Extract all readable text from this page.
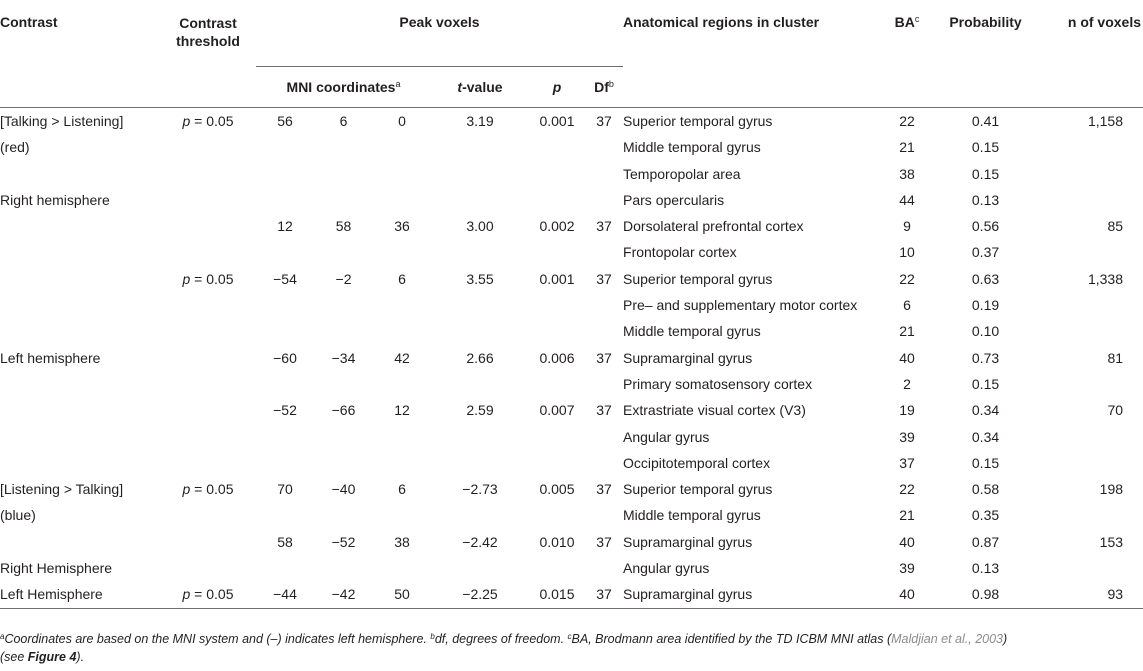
Contrast	Contrast
threshold	Peak voxels						Anatomical regions in cluster	$BA^c$	Probability	n of voxels
		MNI coordinates$^a$			t-value	p	Df$^b$				
[Talking > Listening]	p = 0.05	56	6	0	3.19	0.001	37	Superior temporal gyrus	22	0.41	1,158
(red)								Middle temporal gyrus	21	0.15	
								Temporopolar area	38	0.15	
Right hemisphere								Pars opercularis	44	0.13	
		12	58	36	3.00	0.002	37	Dorsolateral prefrontal cortex	9	0.56	85
								Frontopolar cortex	10	0.37	
	p = 0.05	−54	−2	6	3.55	0.001	37	Superior temporal gyrus	22	0.63	1,338
								Pre– and supplementary motor cortex	6	0.19	
								Middle temporal gyrus	21	0.10	
Left hemisphere		−60	−34	42	2.66	0.006	37	Supramarginal gyrus	40	0.73	81
								Primary somatosensory cortex	2	0.15	
		−52	−66	12	2.59	0.007	37	Extrastriate visual cortex (V3)	19	0.34	70
								Angular gyrus	39	0.34	
								Occipitotemporal cortex	37	0.15	
[Listening > Talking]	p = 0.05	70	−40	6	−2.73	0.005	37	Superior temporal gyrus	22	0.58	198
(blue)								Middle temporal gyrus	21	0.35	
		58	−52	38	−2.42	0.010	37	Supramarginal gyrus	40	0.87	153
Right Hemisphere								Angular gyrus	39	0.13	
Left Hemisphere	p = 0.05	−44	−42	50	−2.25	0.015	37	Supramarginal gyrus	40	0.98	93
$^a$Coordinates are based on the MNI system and (–) indicates left hemisphere. $^b$df, degrees of freedom. $^c$BA, Brodmann area identified by the TD ICBM MNI atlas (Maldjian et al., 2003)
(see Figure 4).
